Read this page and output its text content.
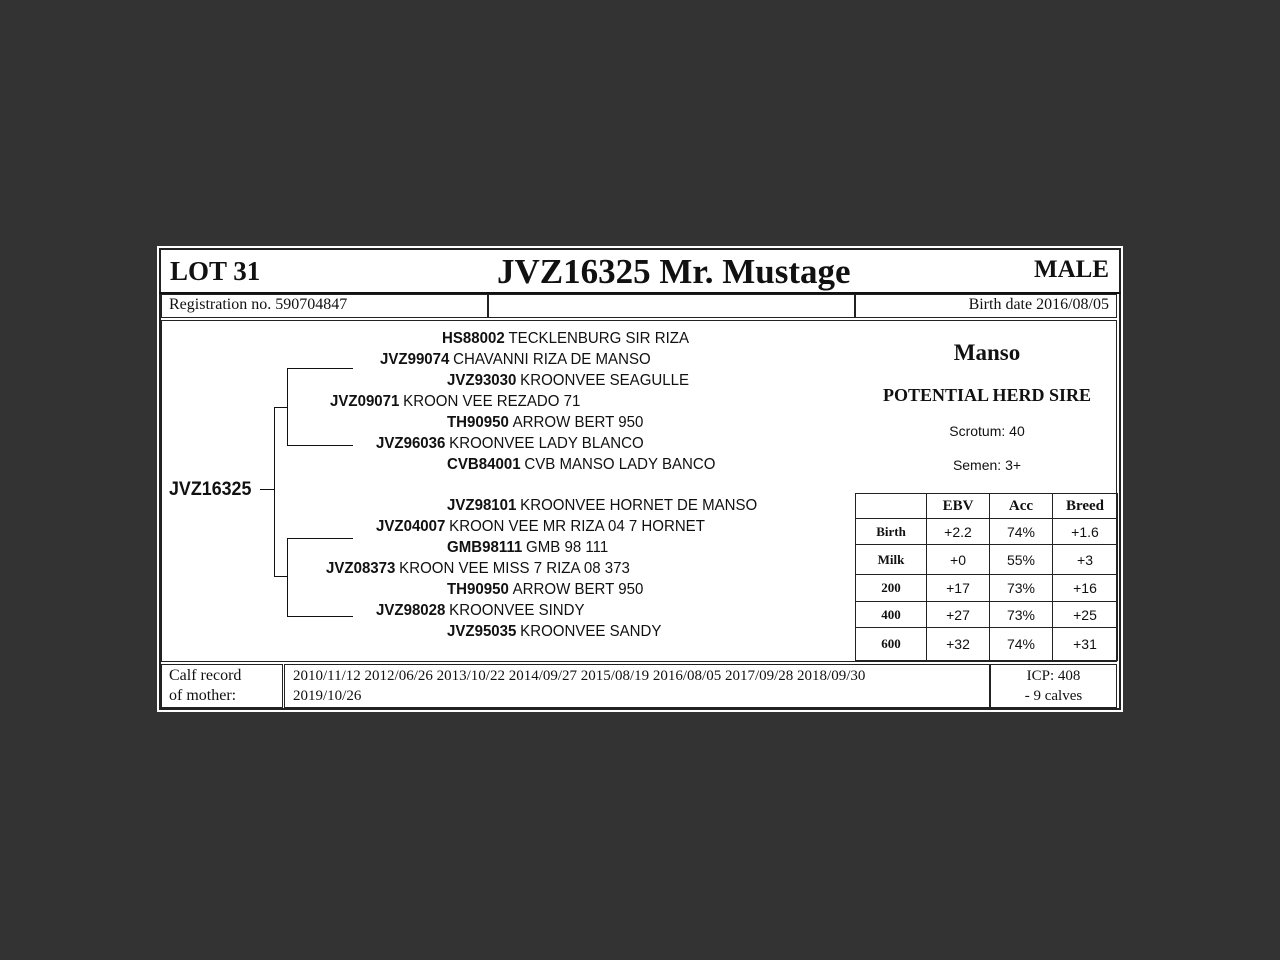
LOT 31	JVZ16325 Mr. Mustage	MALE
Registration no. 590704847	Birth date 2016/08/05
JVZ16325
HS88002 TECKLENBURG SIR RIZA
JVZ99074 CHAVANNI RIZA DE MANSO
JVZ93030 KROONVEE SEAGULLE
JVZ09071 KROON VEE REZADO 71
TH90950 ARROW BERT 950
JVZ96036 KROONVEE LADY BLANCO
CVB84001 CVB MANSO LADY BANCO
JVZ98101 KROONVEE HORNET DE MANSO
JVZ04007 KROON VEE MR RIZA 04 7 HORNET
GMB98111 GMB 98 111
JVZ08373 KROON VEE MISS 7 RIZA 08 373
TH90950 ARROW BERT 950
JVZ98028 KROONVEE SINDY
JVZ95035 KROONVEE SANDY
Manso
POTENTIAL HERD SIRE
Scrotum: 40
Semen: 3+
	EBV	Acc	Breed
Birth	+2.2	74%	+1.6
Milk	+0	55%	+3
200	+17	73%	+16
400	+27	73%	+25
600	+32	74%	+31
Calf record
of mother:
2010/11/12 2012/06/26 2013/10/22 2014/09/27 2015/08/19 2016/08/05 2017/09/28 2018/09/30
2019/10/26
ICP: 408
- 9 calves
